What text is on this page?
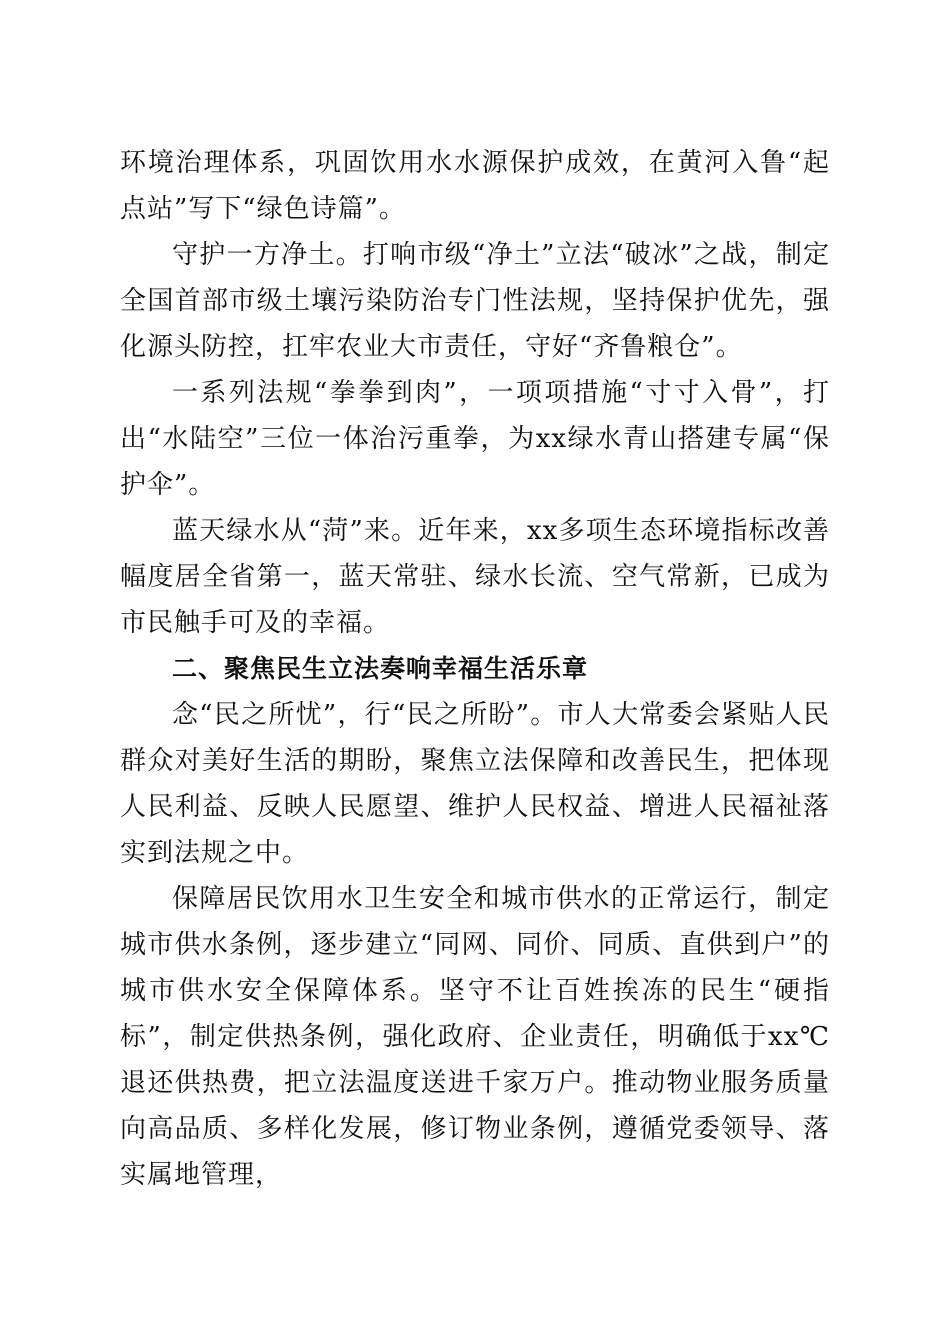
环境治理体系，巩固饮用水水源保护成效，在黄河入鲁“起点站”写下“绿色诗篇”。

守护一方净土。打响市级“净土”立法“破冰”之战，制定全国首部市级土壤污染防治专门性法规，坚持保护优先，强化源头防控，扛牢农业大市责任，守好“齐鲁粮仓”。

一系列法规“拳拳到肉”，一项项措施“寸寸入骨”，打出“水陆空”三位一体治污重拳，为xx绿水青山搭建专属“保护伞”。

蓝天绿水从“菏”来。近年来，xx多项生态环境指标改善幅度居全省第一，蓝天常驻、绿水长流、空气常新，已成为市民触手可及的幸福。

二、聚焦民生立法奏响幸福生活乐章

念“民之所忧”，行“民之所盼”。市人大常委会紧贴人民群众对美好生活的期盼，聚焦立法保障和改善民生，把体现人民利益、反映人民愿望、维护人民权益、增进人民福祉落实到法规之中。

保障居民饮用水卫生安全和城市供水的正常运行，制定城市供水条例，逐步建立“同网、同价、同质、直供到户”的城市供水安全保障体系。坚守不让百姓挨冻的民生“硬指标”，制定供热条例，强化政府、企业责任，明确低于xx℃退还供热费，把立法温度送进千家万户。推动物业服务质量向高品质、多样化发展，修订物业条例，遵循党委领导、落实属地管理，
